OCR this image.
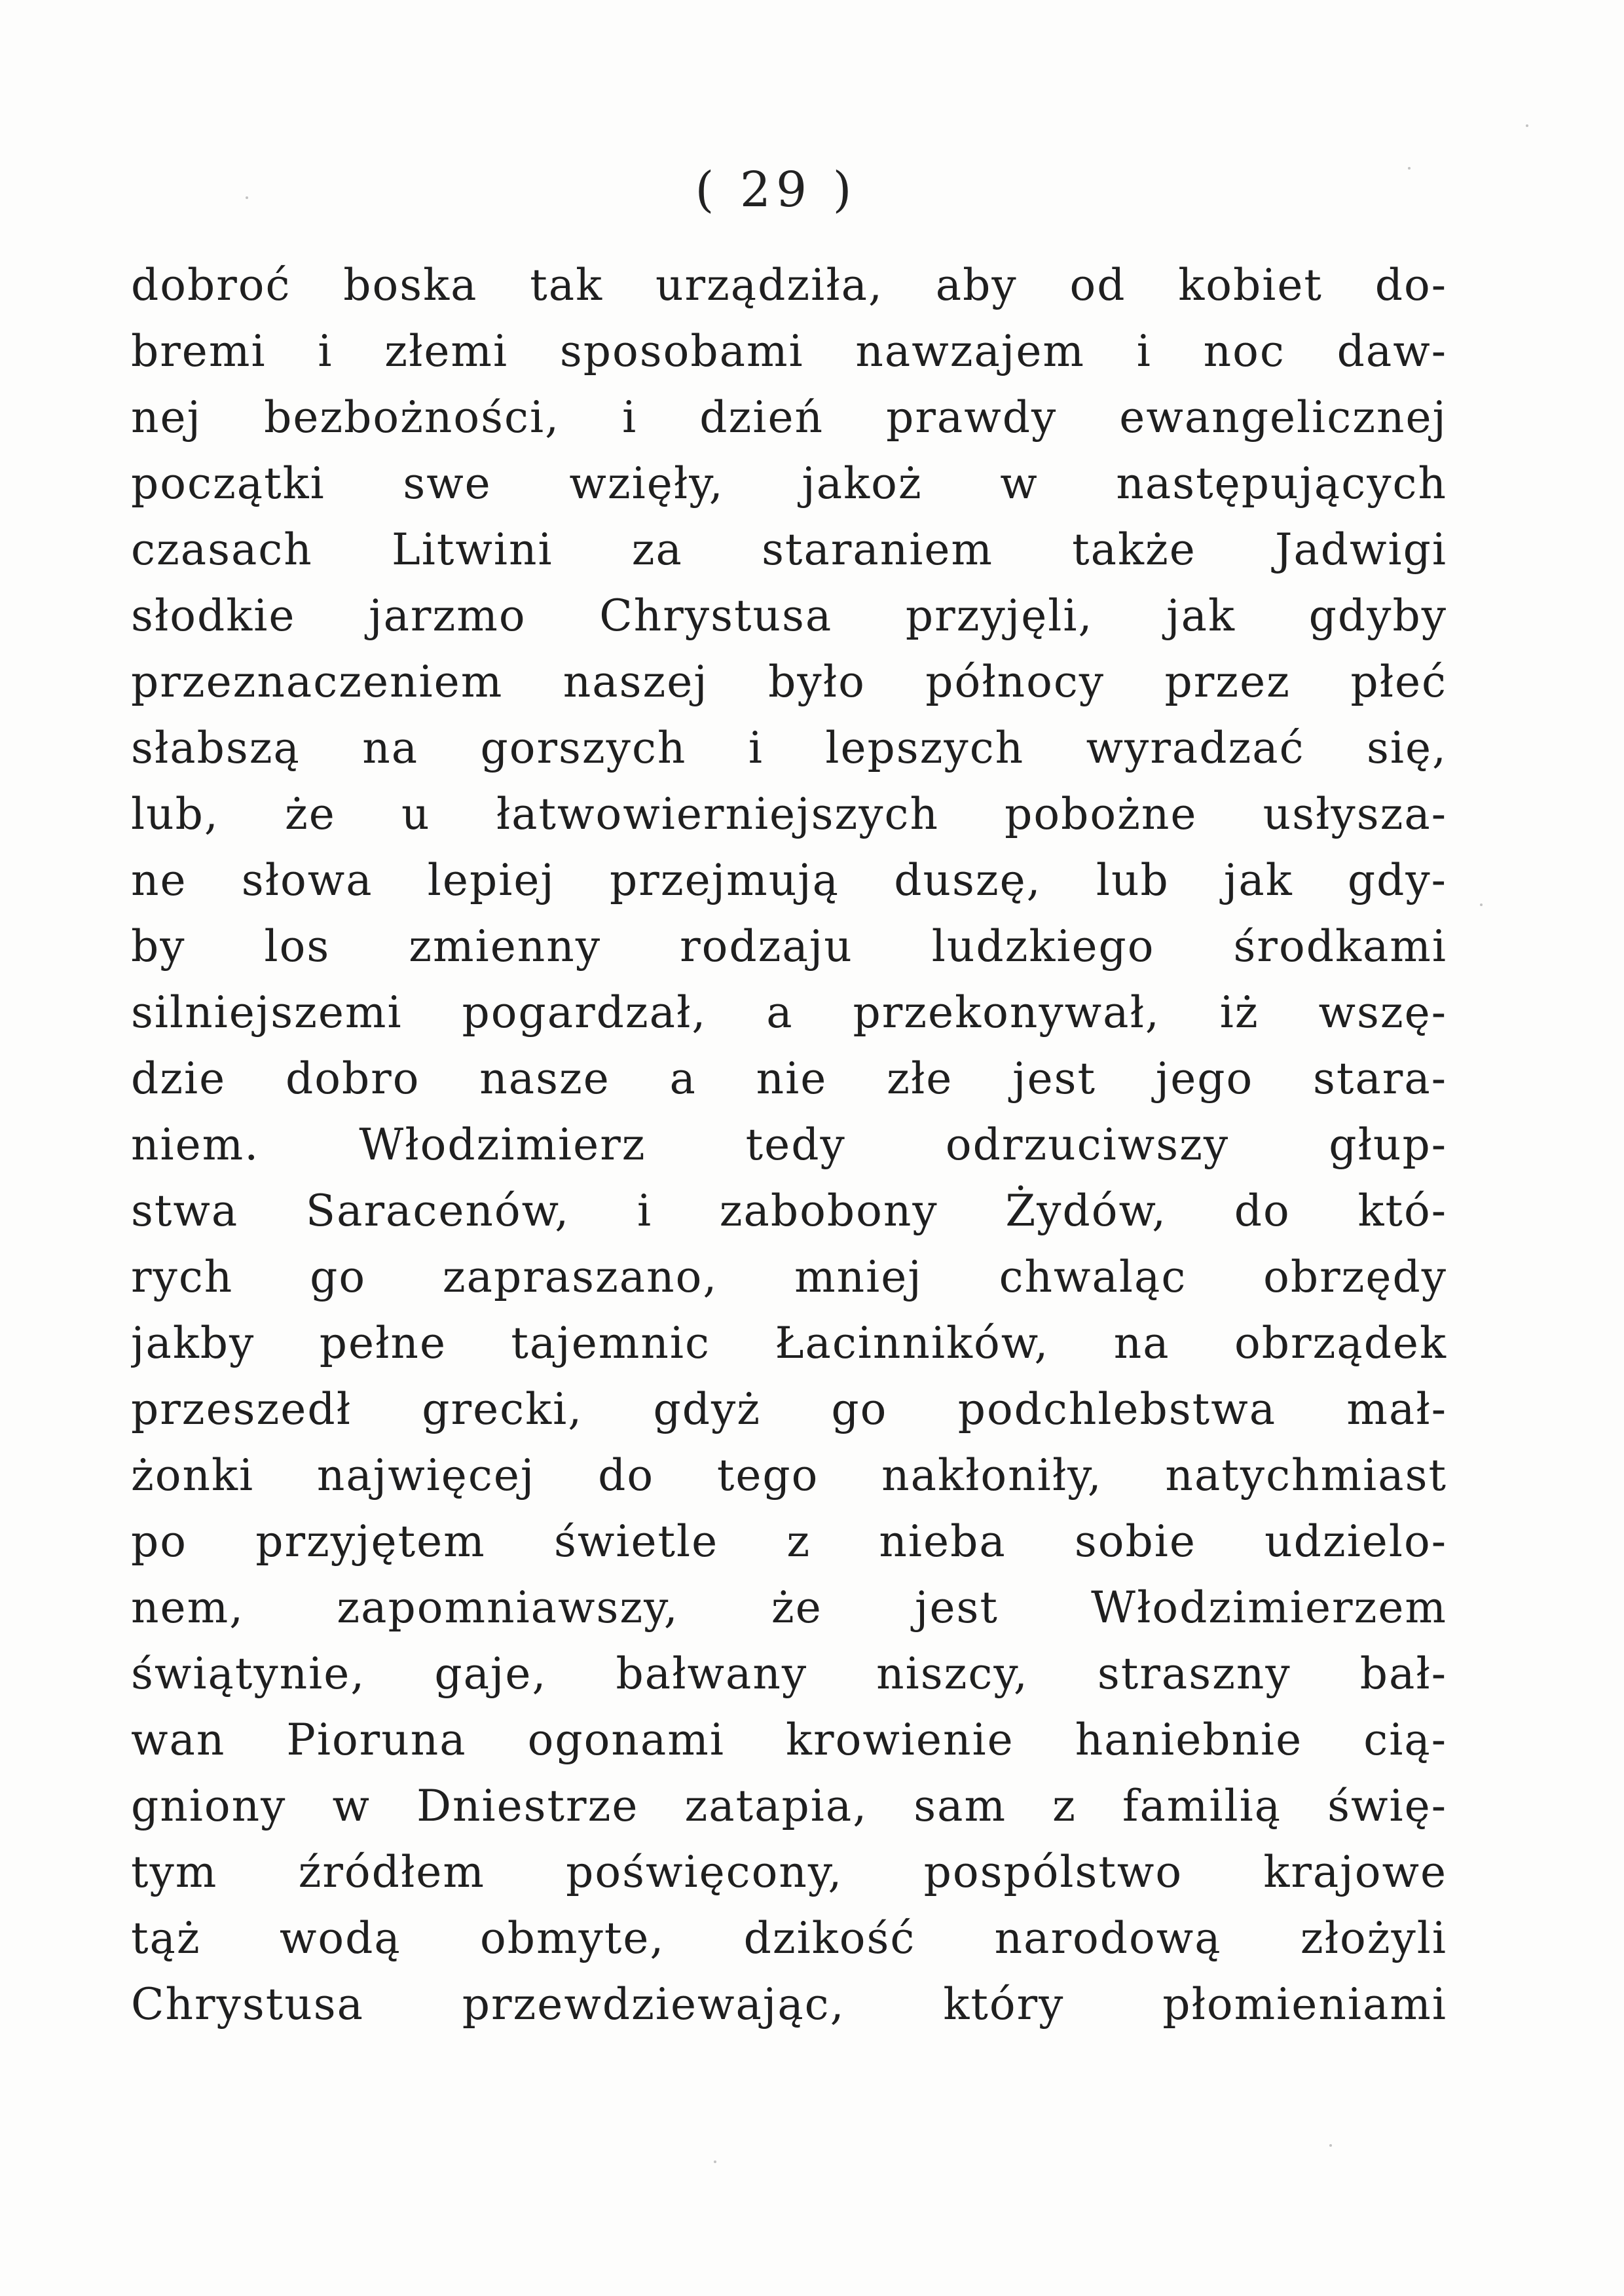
( 29 )
dobroć boska tak urządziła, aby od kobiet do-
bremi i złemi sposobami nawzajem i noc daw-
nej bezbożności, i dzień prawdy ewangelicznej
początki swe wzięły, jakoż w następujących
czasach Litwini za staraniem także Jadwigi
słodkie jarzmo Chrystusa przyjęli, jak gdyby
przeznaczeniem naszej było północy przez płeć
słabszą na gorszych i lepszych wyradzać się,
lub, że u łatwowierniejszych pobożne usłysza-
ne słowa lepiej przejmują duszę, lub jak gdy-
by los zmienny rodzaju ludzkiego środkami
silniejszemi pogardzał, a przekonywał, iż wszę-
dzie dobro nasze a nie złe jest jego stara-
niem. Włodzimierz tedy odrzuciwszy głup-
stwa Saracenów, i zabobony Żydów, do któ-
rych go zapraszano, mniej chwaląc obrzędy
jakby pełne tajemnic Łacinników, na obrządek
przeszedł grecki, gdyż go podchlebstwa mał-
żonki najwięcej do tego nakłoniły, natychmiast
po przyjętem świetle z nieba sobie udzielo-
nem, zapomniawszy, że jest Włodzimierzem
świątynie, gaje, bałwany niszcy, straszny bał-
wan Pioruna ogonami krowienie haniebnie cią-
gniony w Dniestrze zatapia, sam z familią świę-
tym źródłem poświęcony, pospólstwo krajowe
tąż wodą obmyte, dzikość narodową złożyli
Chrystusa przewdziewając, który płomieniami
